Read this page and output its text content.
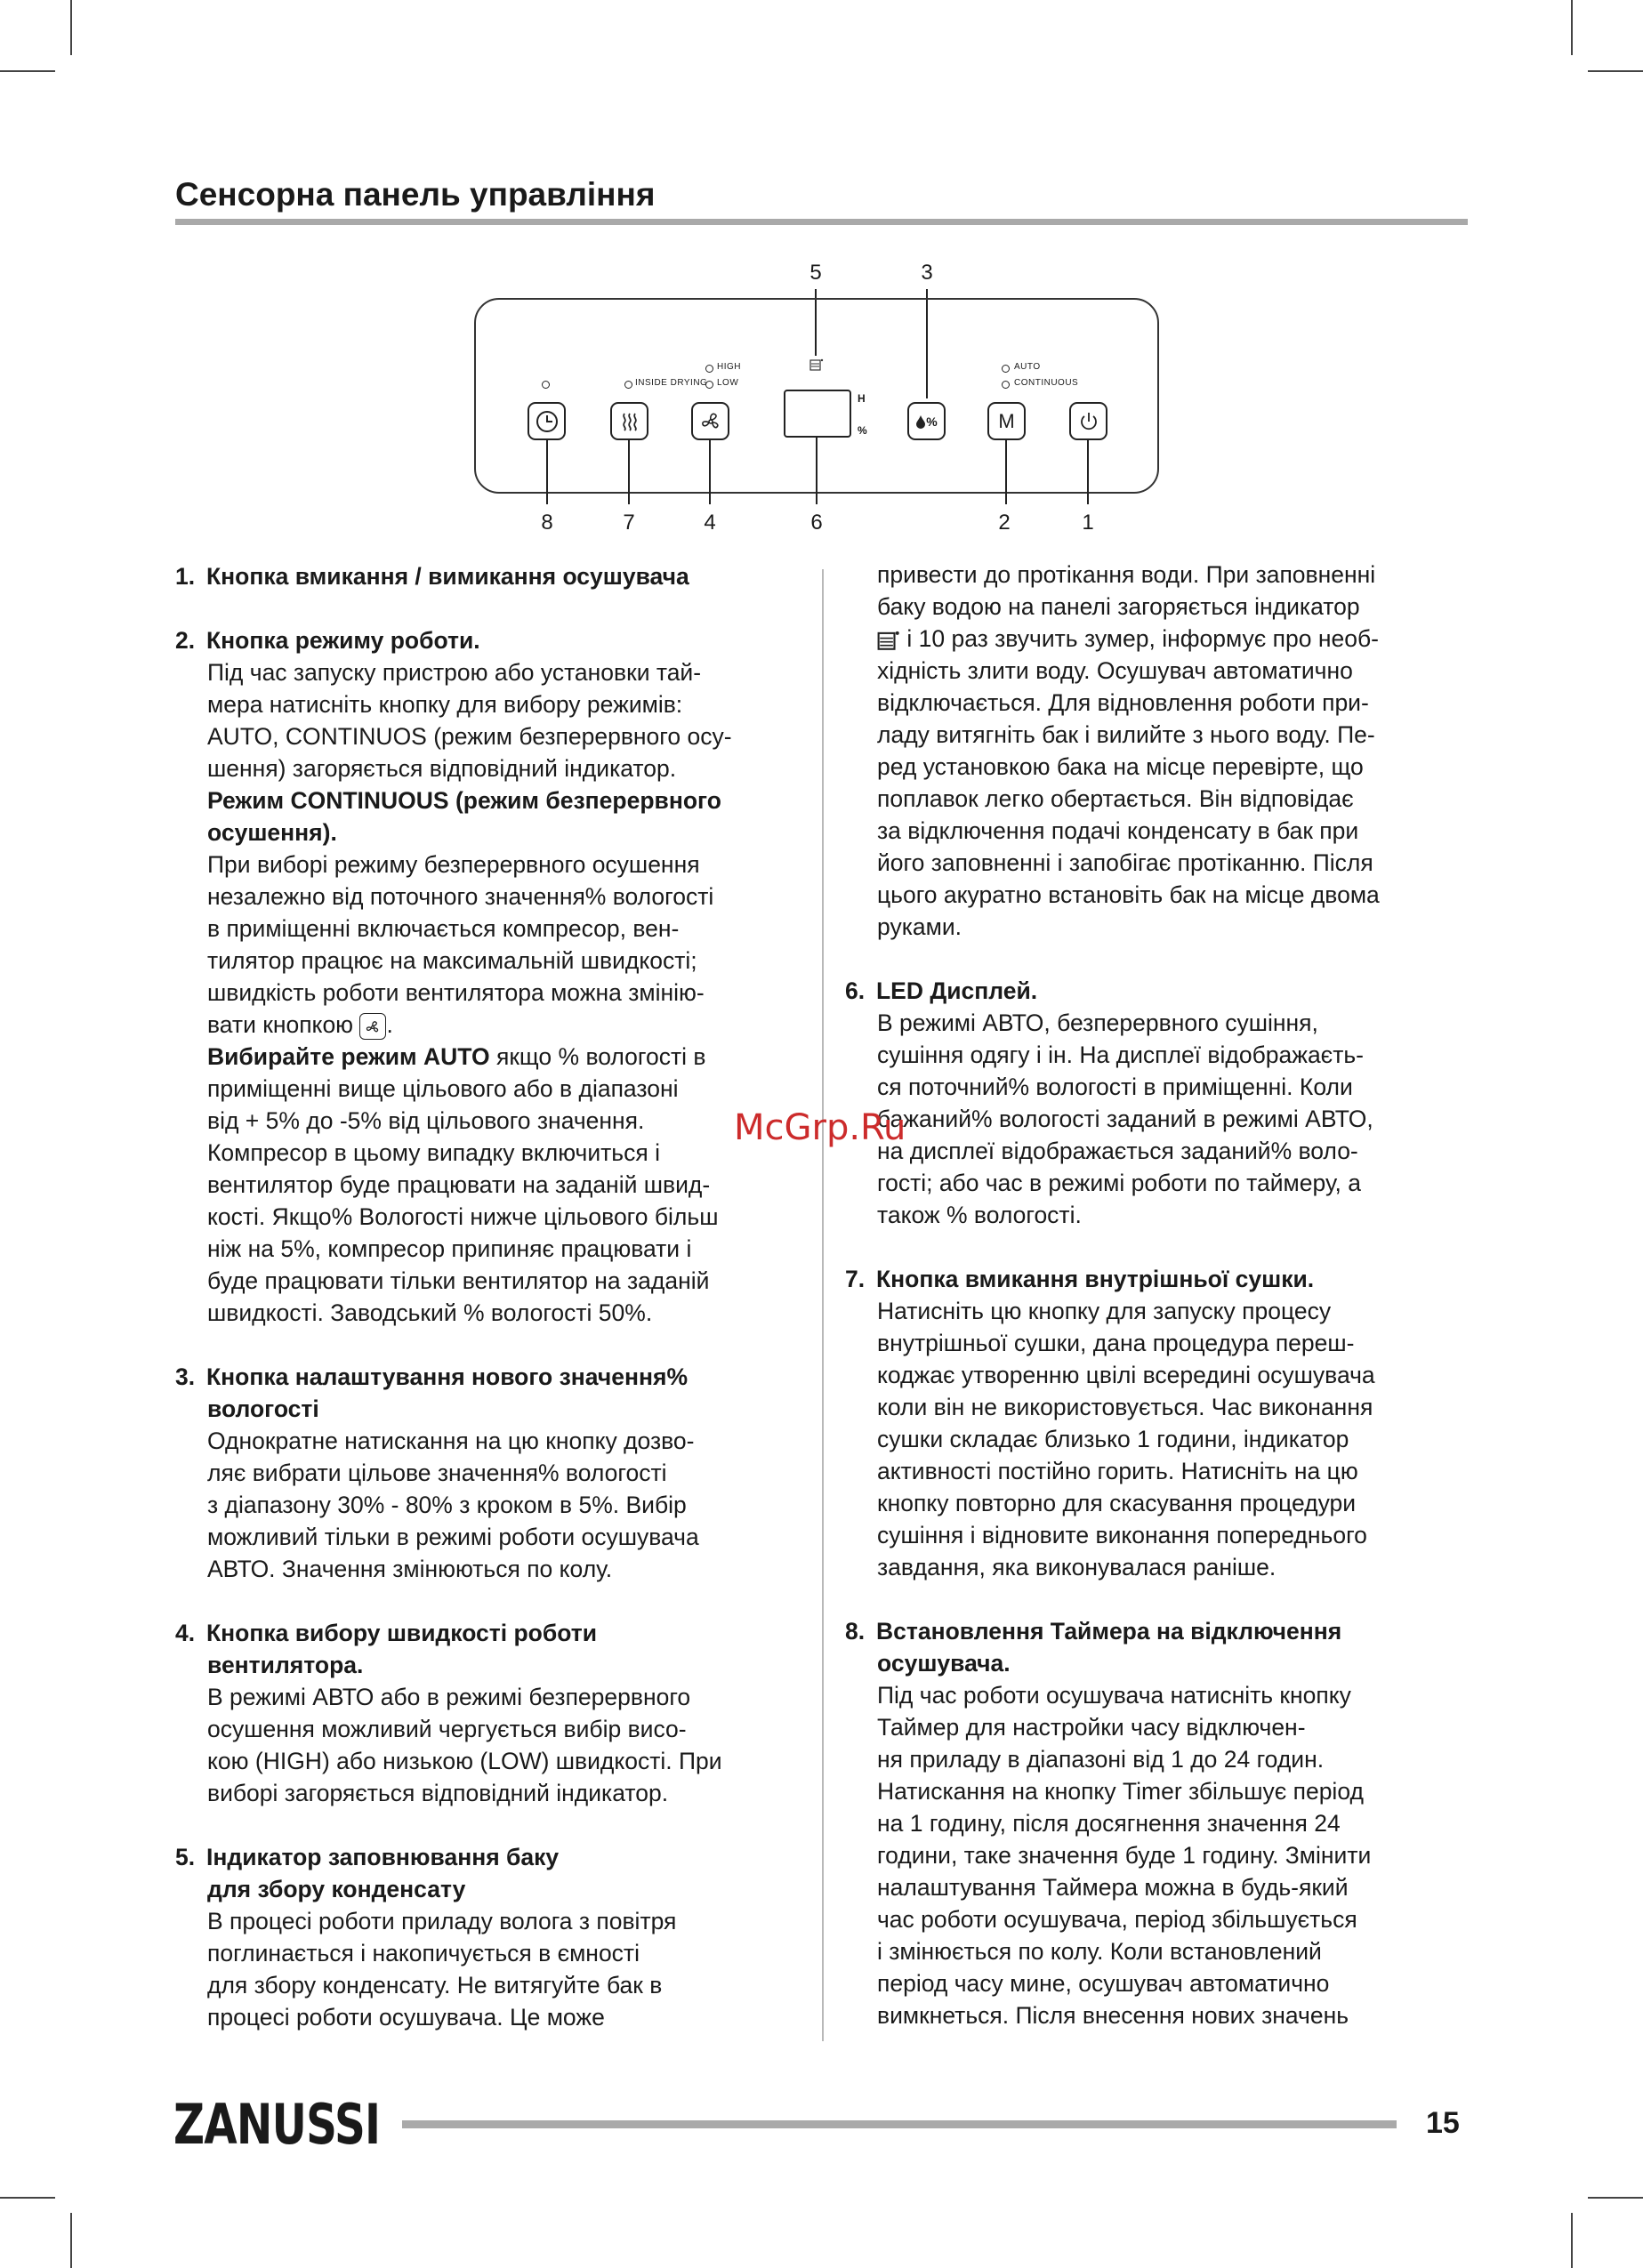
Сенсорна панель управління
5	3
INSIDE DRYING
HIGH
LOW
H
%
%
AUTO
CONTINUOUS
M
8	7	4	6	2	1
1. Кнопка вмикання / вимикання осушувача
2. Кнопка режиму роботи.
Під час запуску пристрою або установки тай-
мера натисніть кнопку для вибору режимів:
AUTO, CONTINUOS (режим безперервного осу-
шення) загоряється відповідний індикатор.
Режим CONTINUOUS (режим безперервного
осушення).
При виборі режиму безперервного осушення
незалежно від поточного значення% вологості
в приміщенні включається компресор, вен-
тилятор працює на максимальній швидкості;
швидкість роботи вентилятора можна змінію-
вати кнопкою .
Вибирайте режим AUTO якщо % вологості в
приміщенні вище цільового або в діапазоні
від + 5% до -5% від цільового значення.
Компресор в цьому випадку включиться і
вентилятор буде працювати на заданій швид-
кості. Якщо% Вологості нижче цільового більш
ніж на 5%, компресор припиняє працювати і
буде працювати тільки вентилятор на заданій
швидкості. Заводський % вологості 50%.
3. Кнопка налаштування нового значення%
вологості
Однократне натискання на цю кнопку дозво-
ляє вибрати цільове значення% вологості
з діапазону 30% - 80% з кроком в 5%. Вибір
можливий тільки в режимі роботи осушувача
АВТО. Значення змінюються по колу.
4. Кнопка вибору швидкості роботи
вентилятора.
В режимі АВТО або в режимі безперервного
осушення можливий чергується вибір висо-
кою (HIGH) або низькою (LOW) швидкості. При
виборі загоряється відповідний індикатор.
5. Індикатор заповнювання баку
для збору конденсату
В процесі роботи приладу волога з повітря
поглинається і накопичується в ємності
для збору конденсату. Не витягуйте бак в
процесі роботи осушувача. Це може
привести до протікання води. При заповненні
баку водою на панелі загоряється індикатор
і 10 раз звучить зумер, інформує про необ-
хідність злити воду. Осушувач автоматично
відключається. Для відновлення роботи при-
ладу витягніть бак і вилийте з нього воду. Пе-
ред установкою бака на місце перевірте, що
поплавок легко обертається. Він відповідає
за відключення подачі конденсату в бак при
його заповненні і запобігає протіканню. Після
цього акуратно встановіть бак на місце двома
руками.
6. LED Дисплей.
В режимі АВТО, безперервного сушіння,
сушіння одягу і ін. На дисплеї відображаєть-
ся поточний% вологості в приміщенні. Коли
бажаний% вологості заданий в режимі АВТО,
на дисплеї відображається заданий% воло-
гості; або час в режимі роботи по таймеру, а
також % вологості.
7. Кнопка вмикання внутрішньої сушки.
Натисніть цю кнопку для запуску процесу
внутрішньої сушки, дана процедура переш-
коджає утворенню цвілі всередині осушувача
коли він не використовується. Час виконання
сушки складає близько 1 години, індикатор
активності постійно горить. Натисніть на цю
кнопку повторно для скасування процедури
сушіння і відновите виконання попереднього
завдання, яка виконувалася раніше.
8. Встановлення Таймера на відключення
осушувача.
Під час роботи осушувача натисніть кнопку
Таймер для настройки часу відключен-
ня приладу в діапазоні від 1 до 24 годин.
Натискання на кнопку Timer збільшує період
на 1 годину, після досягнення значення 24
години, таке значення буде 1 годину. Змінити
налаштування Таймера можна в будь-який
час роботи осушувача, період збільшується
і змінюється по колу. Коли встановлений
період часу мине, осушувач автоматично
вимкнеться. Після внесення нових значень
McGrp.Ru
ZANUSSI	15
